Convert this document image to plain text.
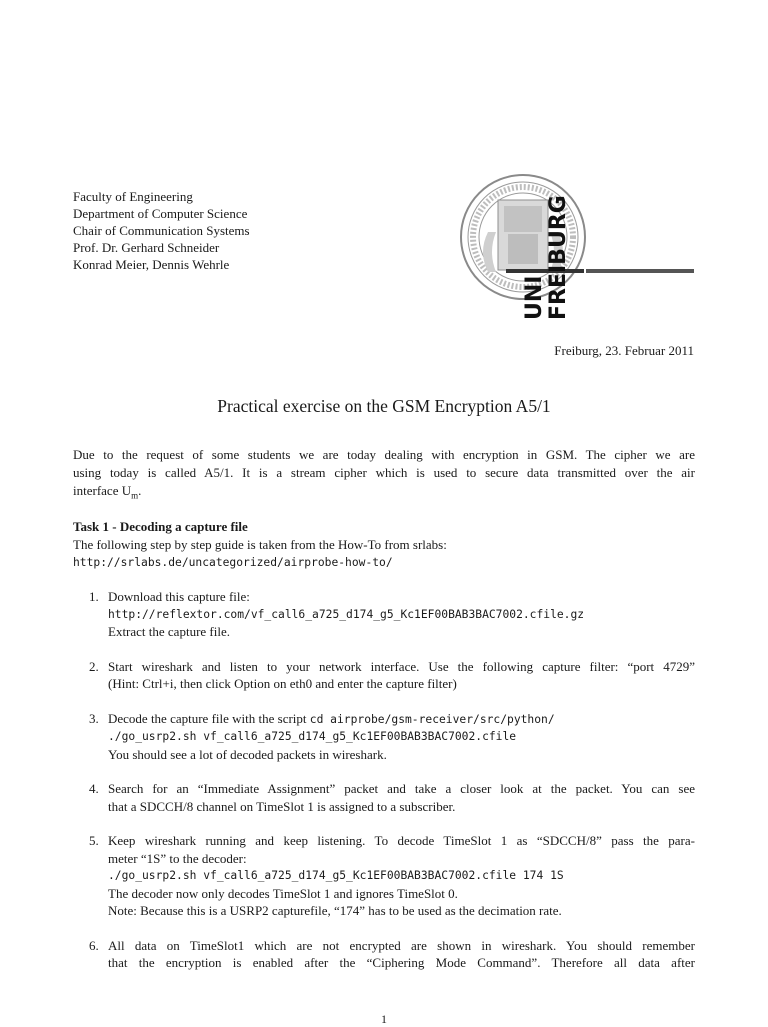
Faculty of Engineering
Department of Computer Science
Chair of Communication Systems
Prof. Dr. Gerhard Schneider
Konrad Meier, Dennis Wehrle
UNI FREIBURG
Freiburg, 23. Februar 2011
Practical exercise on the GSM Encryption A5/1
Due to the request of some students we are today dealing with encryption in GSM. The cipher we are
using today is called A5/1. It is a stream cipher which is used to secure data transmitted over the air
interface $U_m$.
Task 1 - Decoding a capture file
The following step by step guide is taken from the How-To from srlabs:
http://srlabs.de/uncategorized/airprobe-how-to/
1. Download this capture file:
http://reflextor.com/vf_call6_a725_d174_g5_Kc1EF00BAB3BAC7002.cfile.gz
Extract the capture file.
2. Start wireshark and listen to your network interface. Use the following capture filter: “port 4729”
(Hint: Ctrl+i, then click Option on eth0 and enter the capture filter)
3. Decode the capture file with the script cd airprobe/gsm-receiver/src/python/
./go_usrp2.sh vf_call6_a725_d174_g5_Kc1EF00BAB3BAC7002.cfile
You should see a lot of decoded packets in wireshark.
4. Search for an “Immediate Assignment” packet and take a closer look at the packet. You can see
that a SDCCH/8 channel on TimeSlot 1 is assigned to a subscriber.
5. Keep wireshark running and keep listening. To decode TimeSlot 1 as “SDCCH/8” pass the para-
meter “1S” to the decoder:
./go_usrp2.sh vf_call6_a725_d174_g5_Kc1EF00BAB3BAC7002.cfile 174 1S
The decoder now only decodes TimeSlot 1 and ignores TimeSlot 0.
Note: Because this is a USRP2 capturefile, “174” has to be used as the decimation rate.
6. All data on TimeSlot1 which are not encrypted are shown in wireshark. You should remember
that the encryption is enabled after the “Ciphering Mode Command”. Therefore all data after
1
